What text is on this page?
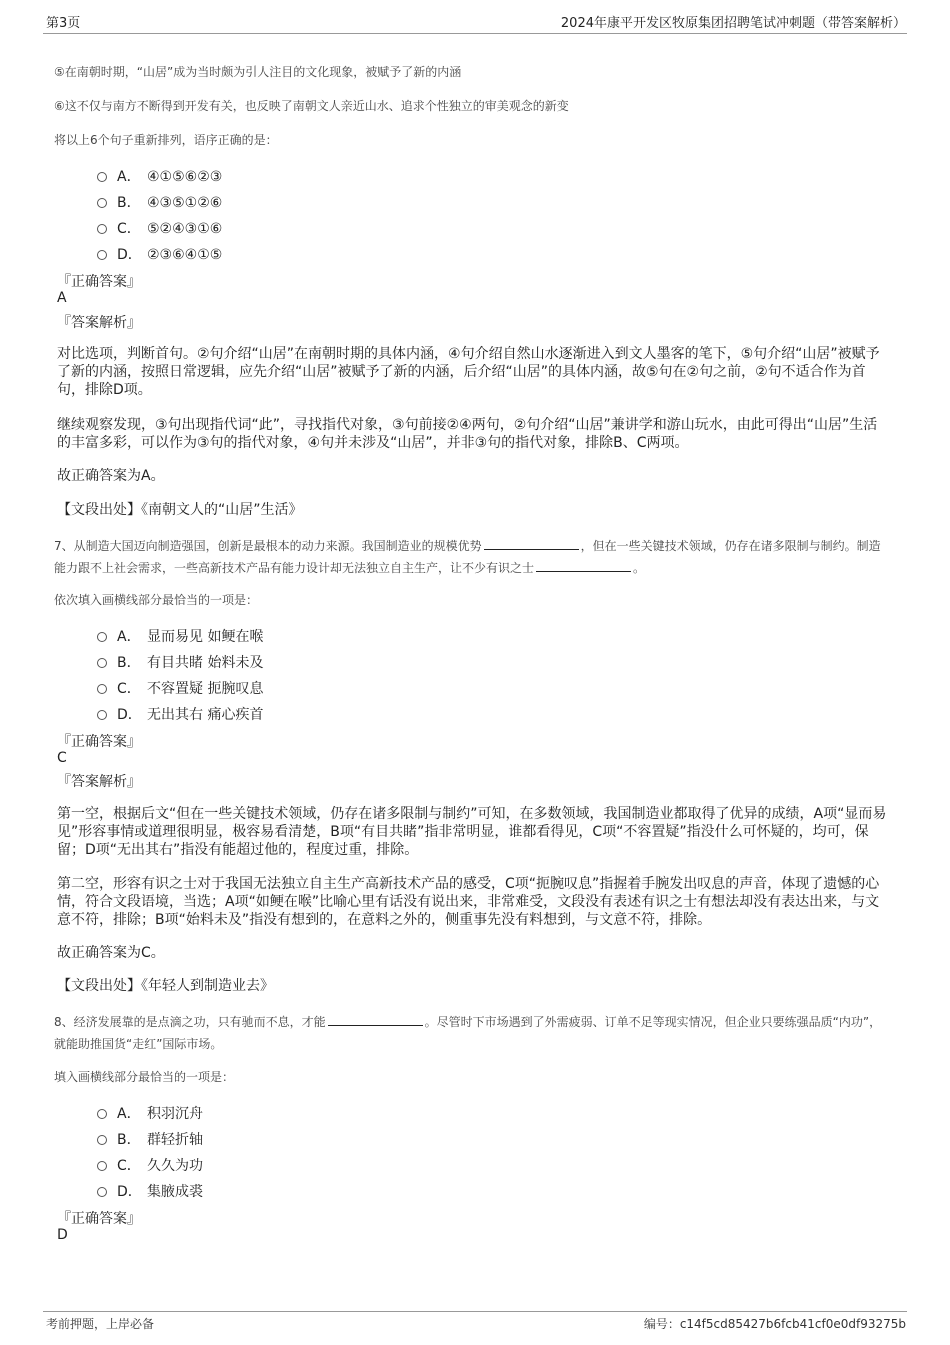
第3页	2024年康平开发区牧原集团招聘笔试冲刺题（带答案解析）
⑤在南朝时期，“山居”成为当时颇为引人注目的文化现象，被赋予了新的内涵
⑥这不仅与南方不断得到开发有关，也反映了南朝文人亲近山水、追求个性独立的审美观念的新变
将以上6个句子重新排列，语序正确的是：
A． ④①⑤⑥②③
B． ④③⑤①②⑥
C． ⑤②④③①⑥
D． ②③⑥④①⑤
『正确答案』
A
『答案解析』
对比选项，判断首句。②句介绍“山居”在南朝时期的具体内涵，④句介绍自然山水逐渐进入到文人墨客的笔下，⑤句介绍“山居”被赋予了新的内涵，按照日常逻辑，应先介绍“山居”被赋予了新的内涵，后介绍“山居”的具体内涵，故⑤句在②句之前，②句不适合作为首句，排除D项。
继续观察发现，③句出现指代词“此”，寻找指代对象，③句前接②④两句，②句介绍“山居”兼讲学和游山玩水，由此可得出“山居”生活的丰富多彩，可以作为③句的指代对象，④句并未涉及“山居”，并非③句的指代对象，排除B、C两项。
故正确答案为A。
【文段出处】《南朝文人的“山居”生活》
7、从制造大国迈向制造强国，创新是最根本的动力来源。我国制造业的规模优势	，但在一些关键技术领域，仍存在诸多限制与制约。制造能力跟不上社会需求，一些高新技术产品有能力设计却无法独立自主生产，让不少有识之士	。
依次填入画横线部分最恰当的一项是：
A． 显而易见 如鲠在喉
B． 有目共睹 始料未及
C． 不容置疑 扼腕叹息
D． 无出其右 痛心疾首
『正确答案』
C
『答案解析』
第一空，根据后文“但在一些关键技术领域，仍存在诸多限制与制约”可知，在多数领域，我国制造业都取得了优异的成绩，A项“显而易见”形容事情或道理很明显，极容易看清楚，B项“有目共睹”指非常明显，谁都看得见，C项“不容置疑”指没什么可怀疑的，均可，保留；D项“无出其右”指没有能超过他的，程度过重，排除。
第二空，形容有识之士对于我国无法独立自主生产高新技术产品的感受，C项“扼腕叹息”指握着手腕发出叹息的声音，体现了遗憾的心情，符合文段语境，当选；A项“如鲠在喉”比喻心里有话没有说出来，非常难受，文段没有表述有识之士有想法却没有表达出来，与文意不符，排除；B项“始料未及”指没有想到的，在意料之外的，侧重事先没有料想到，与文意不符，排除。
故正确答案为C。
【文段出处】《年轻人到制造业去》
8、经济发展靠的是点滴之功，只有驰而不息，才能	。尽管时下市场遇到了外需疲弱、订单不足等现实情况，但企业只要练强品质“内功”，就能助推国货“走红”国际市场。
填入画横线部分最恰当的一项是：
A． 积羽沉舟
B． 群轻折轴
C． 久久为功
D． 集腋成裘
『正确答案』
D
考前押题，上岸必备	编号：c14f5cd85427b6fcb41cf0e0df93275b
